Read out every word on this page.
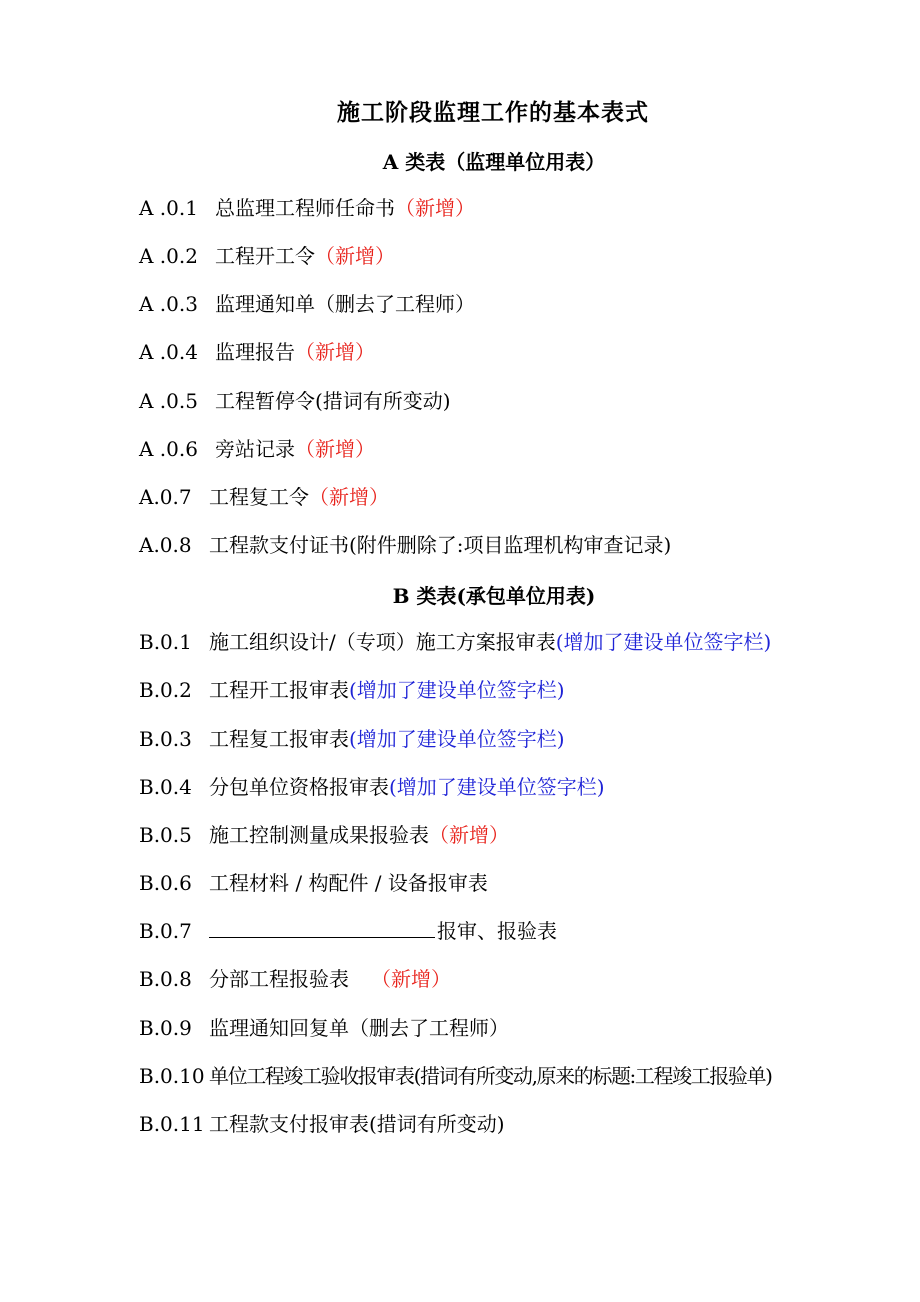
施工阶段监理工作的基本表式
A 类表（监理单位用表）
A .0.1 总监理工程师任命书（新增）
A .0.2 工程开工令（新增）
A .0.3 监理通知单（删去了工程师）
A .0.4 监理报告（新增）
A .0.5 工程暂停令(措词有所变动)
A .0.6 旁站记录（新增）
A.0.7 工程复工令（新增）
A.0.8 工程款支付证书(附件删除了:项目监理机构审查记录)
B 类表(承包单位用表)
B.0.1 施工组织设计/（专项）施工方案报审表(增加了建设单位签字栏)
B.0.2 工程开工报审表(增加了建设单位签字栏)
B.0.3 工程复工报审表(增加了建设单位签字栏)
B.0.4 分包单位资格报审表(增加了建设单位签字栏)
B.0.5 施工控制测量成果报验表（新增）
B.0.6 工程材料 / 构配件 / 设备报审表
B.0.7	报审、报验表
B.0.8 分部工程报验表 （新增）
B.0.9 监理通知回复单（删去了工程师）
B.0.10 单位工程竣工验收报审表(措词有所变动,原来的标题:工程竣工报验单)
B.0.11 工程款支付报审表(措词有所变动)
